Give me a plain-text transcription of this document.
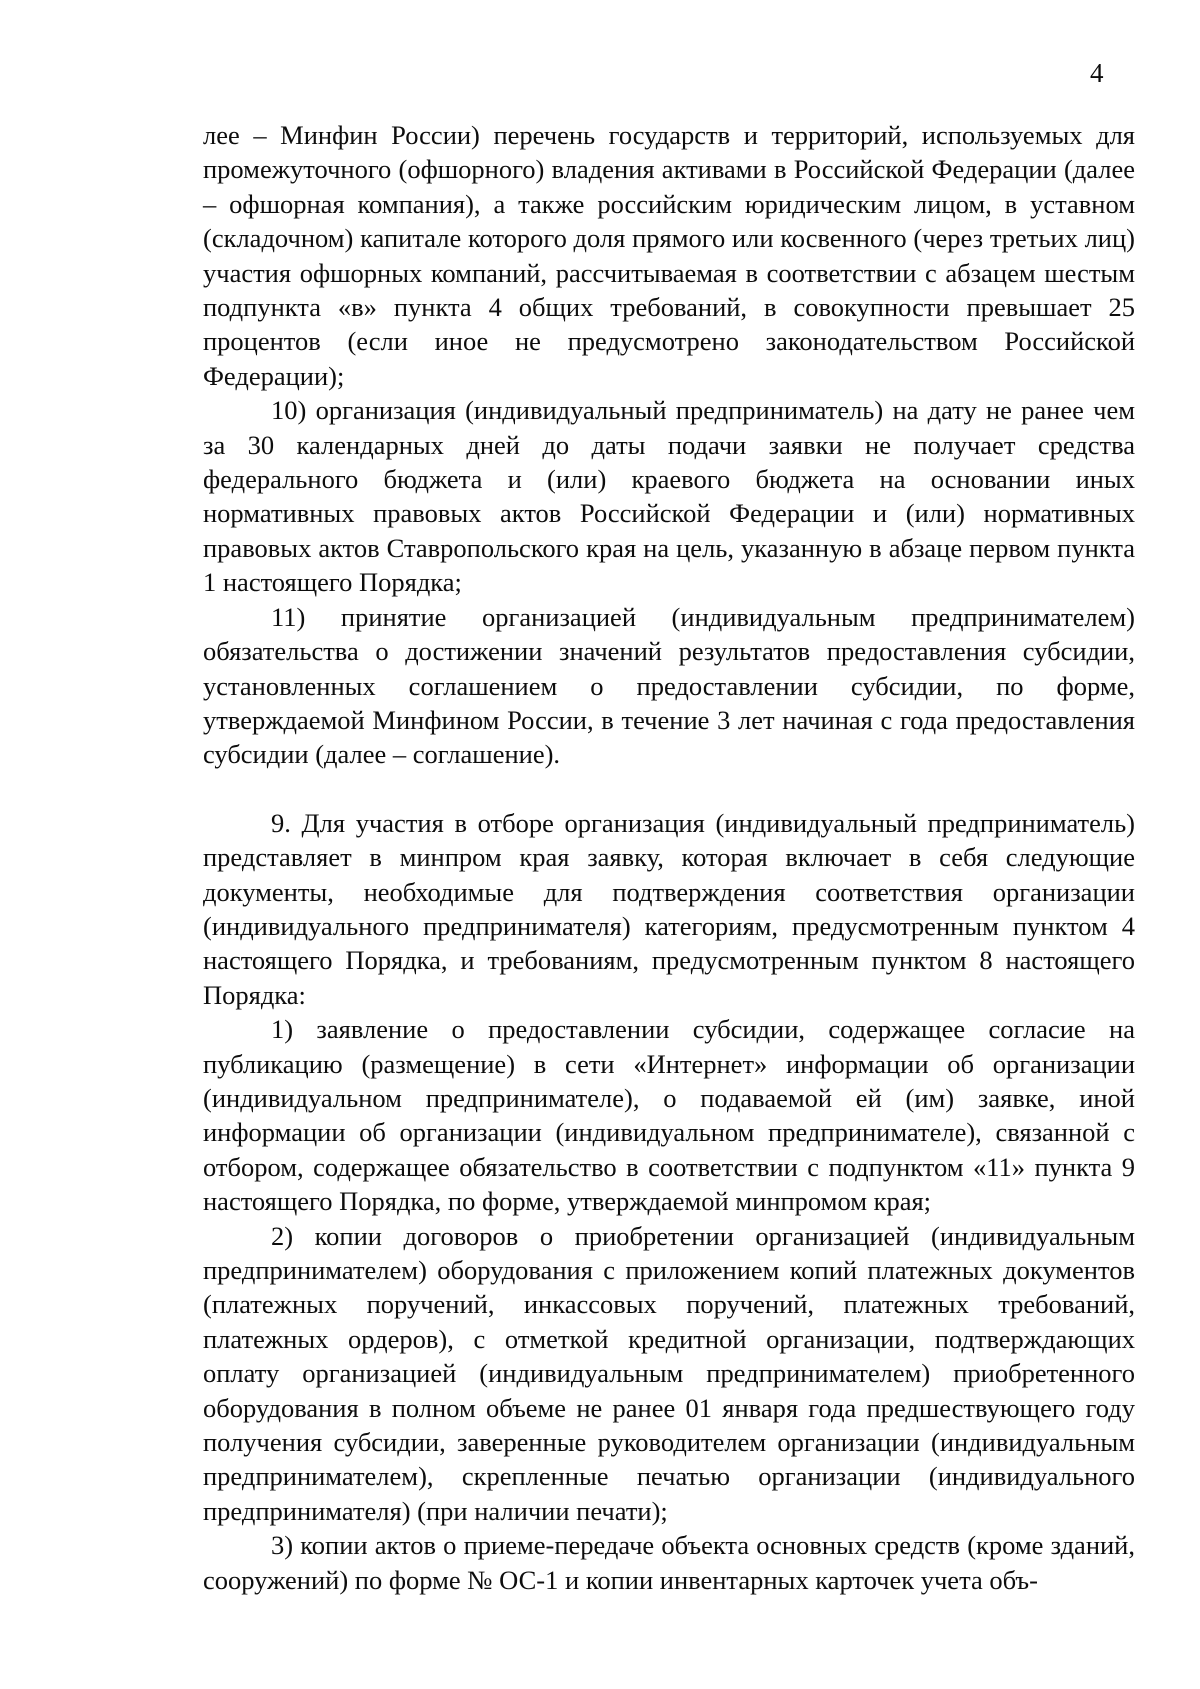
4

лее – Минфин России) перечень государств и территорий, используемых для промежуточного (офшорного) владения активами в Российской Федерации (далее – офшорная компания), а также российским юридическим лицом, в уставном (складочном) капитале которого доля прямого или косвенного (через третьих лиц) участия офшорных компаний, рассчитываемая в соответствии с абзацем шестым подпункта «в» пункта 4 общих требований, в совокупности превышает 25 процентов (если иное не предусмотрено законодательством Российской Федерации);

10) организация (индивидуальный предприниматель) на дату не ранее чем за 30 календарных дней до даты подачи заявки не получает средства федерального бюджета и (или) краевого бюджета на основании иных нормативных правовых актов Российской Федерации и (или) нормативных правовых актов Ставропольского края на цель, указанную в абзаце первом пункта 1 настоящего Порядка;

11) принятие организацией (индивидуальным предпринимателем) обязательства о достижении значений результатов предоставления субсидии, установленных соглашением о предоставлении субсидии, по форме, утверждаемой Минфином России, в течение 3 лет начиная с года предоставления субсидии (далее – соглашение).

9. Для участия в отборе организация (индивидуальный предприниматель) представляет в минпром края заявку, которая включает в себя следующие документы, необходимые для подтверждения соответствия организации (индивидуального предпринимателя) категориям, предусмотренным пунктом 4 настоящего Порядка, и требованиям, предусмотренным пунктом 8 настоящего Порядка:

1) заявление о предоставлении субсидии, содержащее согласие на публикацию (размещение) в сети «Интернет» информации об организации (индивидуальном предпринимателе), о подаваемой ей (им) заявке, иной информации об организации (индивидуальном предпринимателе), связанной с отбором, содержащее обязательство в соответствии с подпунктом «11» пункта 9 настоящего Порядка, по форме, утверждаемой минпромом края;

2) копии договоров о приобретении организацией (индивидуальным предпринимателем) оборудования с приложением копий платежных документов (платежных поручений, инкассовых поручений, платежных требований, платежных ордеров), с отметкой кредитной организации, подтверждающих оплату организацией (индивидуальным предпринимателем) приобретенного оборудования в полном объеме не ранее 01 января года предшествующего году получения субсидии, заверенные руководителем организации (индивидуальным предпринимателем), скрепленные печатью организации (индивидуального предпринимателя) (при наличии печати);

3) копии актов о приеме-передаче объекта основных средств (кроме зданий, сооружений) по форме № ОС-1 и копии инвентарных карточек учета объ-
